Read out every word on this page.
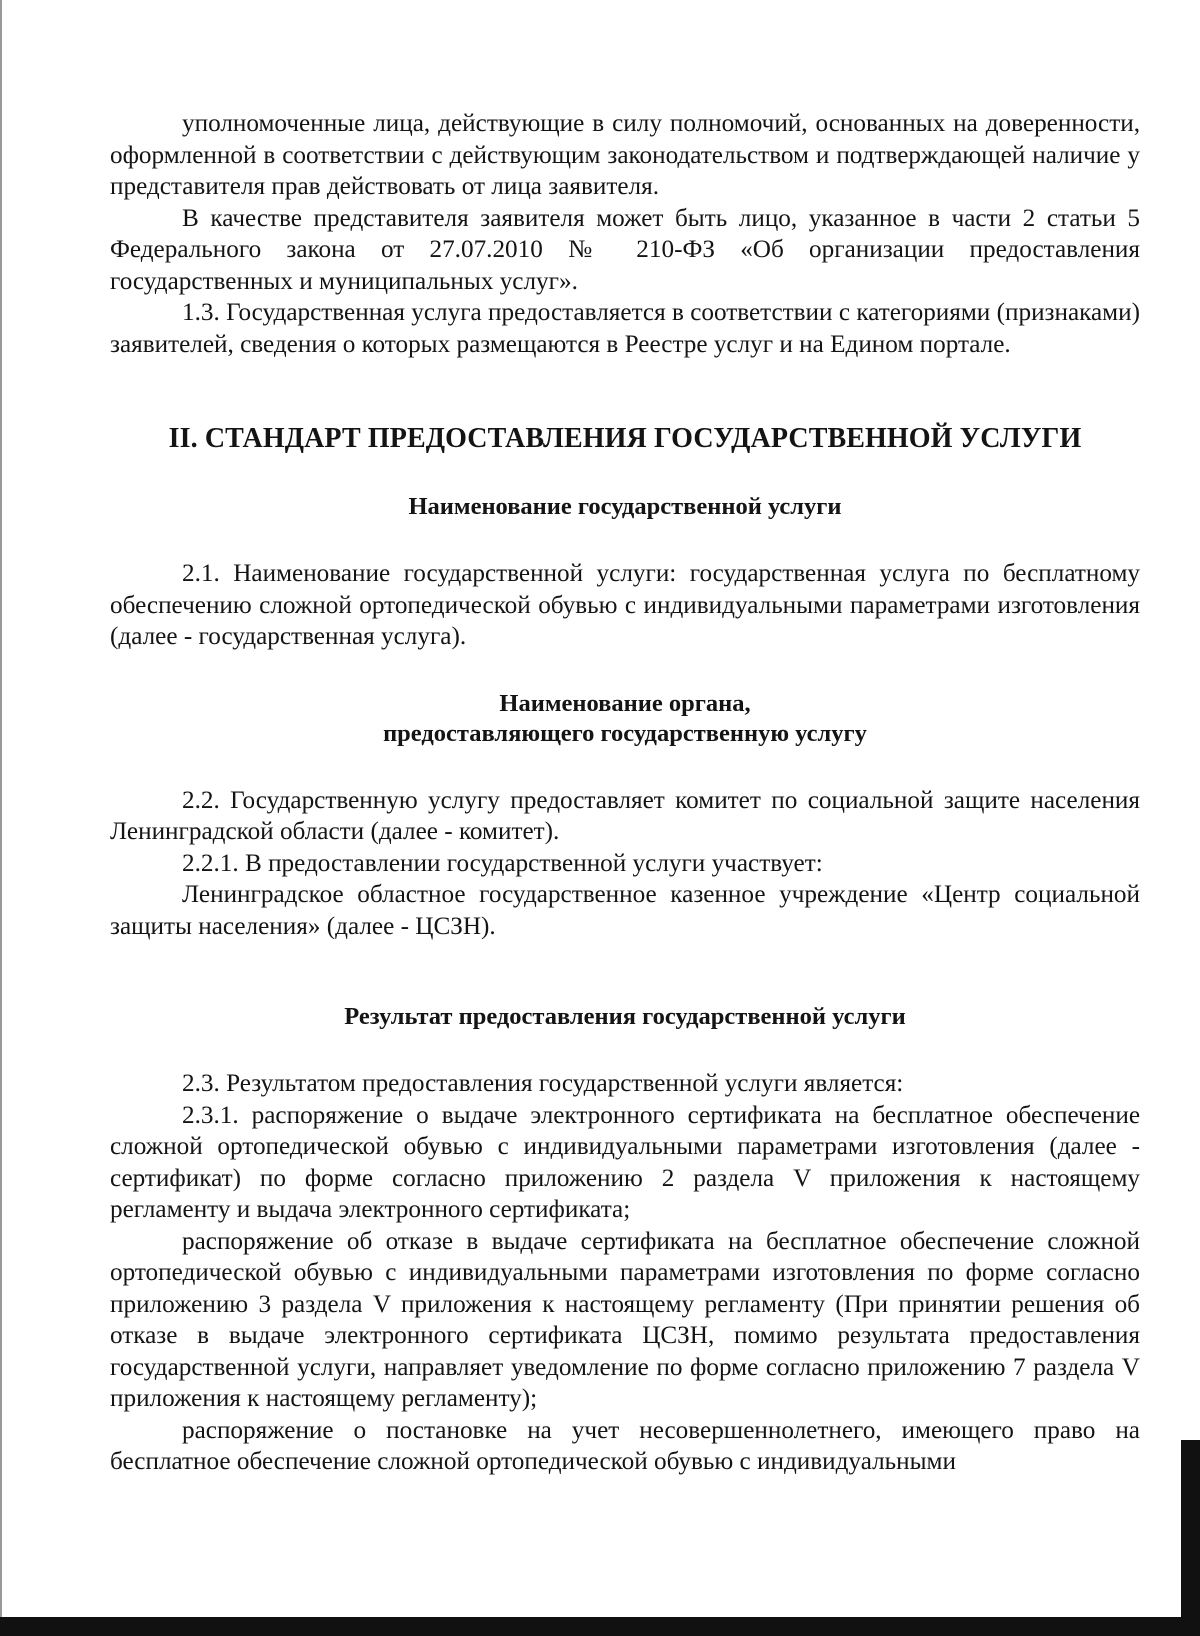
уполномоченные лица, действующие в силу полномочий, основанных на доверенности, оформленной в соответствии с действующим законодательством и подтверждающей наличие у представителя прав действовать от лица заявителя.

В качестве представителя заявителя может быть лицо, указанное в части 2 статьи 5 Федерального закона от 27.07.2010 № 210-ФЗ «Об организации предоставления государственных и муниципальных услуг».

1.3. Государственная услуга предоставляется в соответствии с категориями (признаками) заявителей, сведения о которых размещаются в Реестре услуг и на Едином портале.

II. СТАНДАРТ ПРЕДОСТАВЛЕНИЯ ГОСУДАРСТВЕННОЙ УСЛУГИ
Наименование государственной услуги

2.1. Наименование государственной услуги: государственная услуга по бесплатному обеспечению сложной ортопедической обувью с индивидуальными параметрами изготовления (далее - государственная услуга).

Наименование органа,
предоставляющего государственную услугу

2.2. Государственную услугу предоставляет комитет по социальной защите населения Ленинградской области (далее - комитет).

2.2.1. В предоставлении государственной услуги участвует:

Ленинградское областное государственное казенное учреждение «Центр социальной защиты населения» (далее - ЦСЗН).

Результат предоставления государственной услуги

2.3. Результатом предоставления государственной услуги является:

2.3.1. распоряжение о выдаче электронного сертификата на бесплатное обеспечение сложной ортопедической обувью с индивидуальными параметрами изготовления (далее - сертификат) по форме согласно приложению 2 раздела V приложения к настоящему регламенту и выдача электронного сертификата;

распоряжение об отказе в выдаче сертификата на бесплатное обеспечение сложной ортопедической обувью с индивидуальными параметрами изготовления по форме согласно приложению 3 раздела V приложения к настоящему регламенту (При принятии решения об отказе в выдаче электронного сертификата ЦСЗН, помимо результата предоставления государственной услуги, направляет уведомление по форме согласно приложению 7 раздела V приложения к настоящему регламенту);

распоряжение о постановке на учет несовершеннолетнего, имеющего право на бесплатное обеспечение сложной ортопедической обувью с индивидуальными
